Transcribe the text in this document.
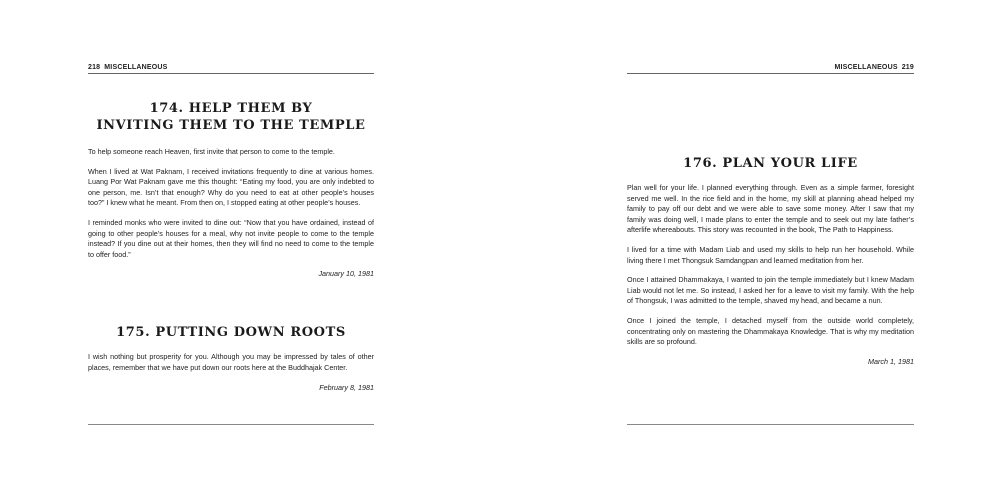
218 MISCELLANEOUS
174. HELP THEM BY
INVITING THEM TO THE TEMPLE

To help someone reach Heaven, first invite that person to come to the temple.

When I lived at Wat Paknam, I received invitations frequently to dine at various homes. Luang Por Wat Paknam gave me this thought: “Eating my food, you are only indebted to one person, me. Isn’t that enough? Why do you need to eat at other people’s houses too?” I knew what he meant. From then on, I stopped eating at other people’s houses.

I reminded monks who were invited to dine out: “Now that you have ordained, instead of going to other people’s houses for a meal, why not invite people to come to the temple instead? If you dine out at their homes, then they will find no need to come to the temple to offer food.”

January 10, 1981
175. PUTTING DOWN ROOTS

I wish nothing but prosperity for you. Although you may be impressed by tales of other places, remember that we have put down our roots here at the Buddhajak Center.

February 8, 1981
MISCELLANEOUS 219
176. PLAN YOUR LIFE

Plan well for your life. I planned everything through. Even as a simple farmer, foresight served me well. In the rice field and in the home, my skill at planning ahead helped my family to pay off our debt and we were able to save some money. After I saw that my family was doing well, I made plans to enter the temple and to seek out my late father’s afterlife whereabouts. This story was recounted in the book, The Path to Happiness.

I lived for a time with Madam Liab and used my skills to help run her household. While living there I met Thongsuk Samdangpan and learned meditation from her.

Once I attained Dhammakaya, I wanted to join the temple immediately but I knew Madam Liab would not let me. So instead, I asked her for a leave to visit my family. With the help of Thongsuk, I was admitted to the temple, shaved my head, and became a nun.

Once I joined the temple, I detached myself from the outside world completely, concentrating only on mastering the Dhammakaya Knowledge. That is why my meditation skills are so profound.

March 1, 1981
